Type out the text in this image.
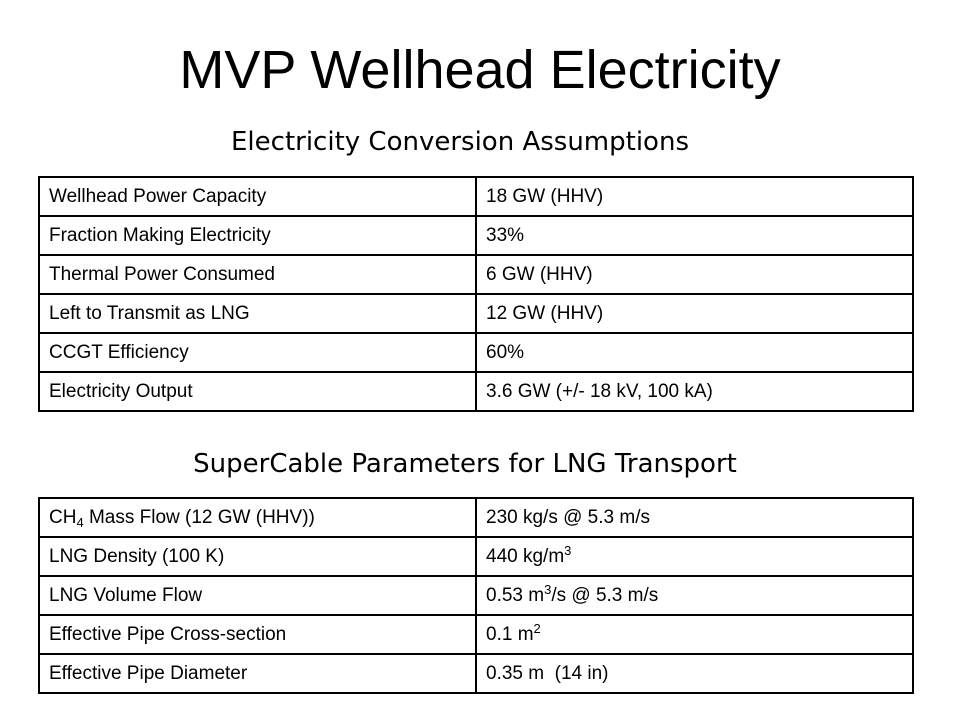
MVP Wellhead Electricity
Electricity Conversion Assumptions
Wellhead Power Capacity	18 GW (HHV)
Fraction Making Electricity	33%
Thermal Power Consumed	6 GW (HHV)
Left to Transmit as LNG	12 GW (HHV)
CCGT Efficiency	60%
Electricity Output	3.6 GW (+/- 18 kV, 100 kA)
SuperCable Parameters for LNG Transport
$CH_4$ Mass Flow (12 GW (HHV))	230 kg/s @ 5.3 m/s
LNG Density (100 K)	440 $kg/m^3$
LNG Volume Flow	0.53 $m^3/s$ @ 5.3 m/s
Effective Pipe Cross-section	0.1 $m^2$
Effective Pipe Diameter	0.35 m  (14 in)
